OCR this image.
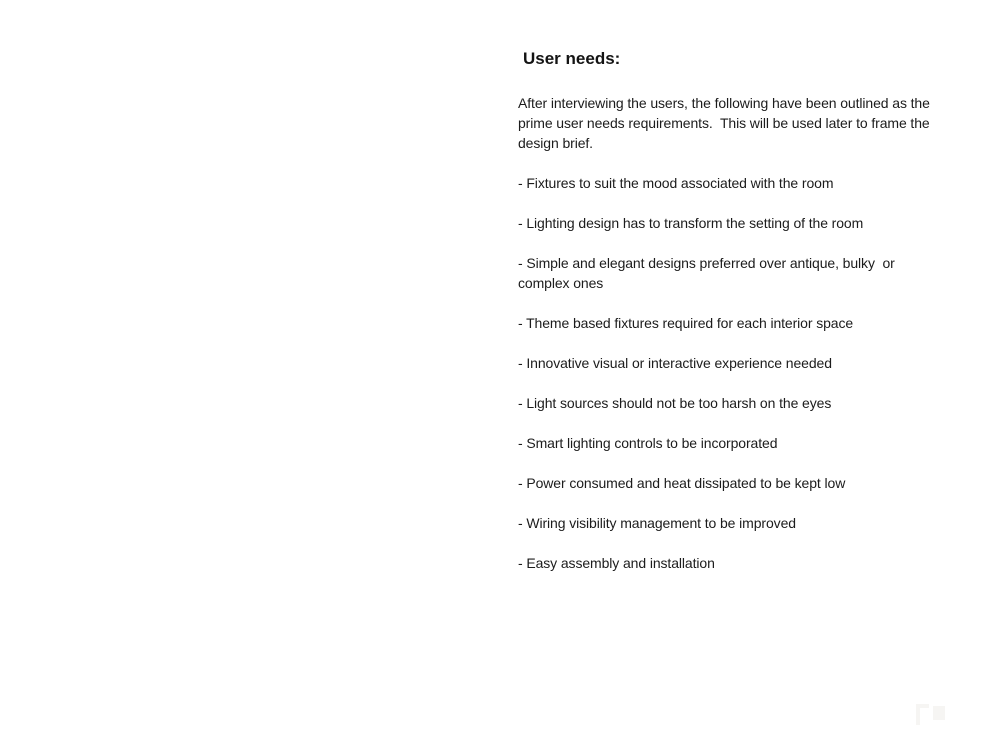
User needs:

After interviewing the users, the following have been outlined as the prime user needs requirements.  This will be used later to frame the design brief.

- Fixtures to suit the mood associated with the room
- Lighting design has to transform the setting of the room
- Simple and elegant designs preferred over antique, bulky  or complex ones
- Theme based fixtures required for each interior space
- Innovative visual or interactive experience needed
- Light sources should not be too harsh on the eyes
- Smart lighting controls to be incorporated
- Power consumed and heat dissipated to be kept low
- Wiring visibility management to be improved
- Easy assembly and installation
